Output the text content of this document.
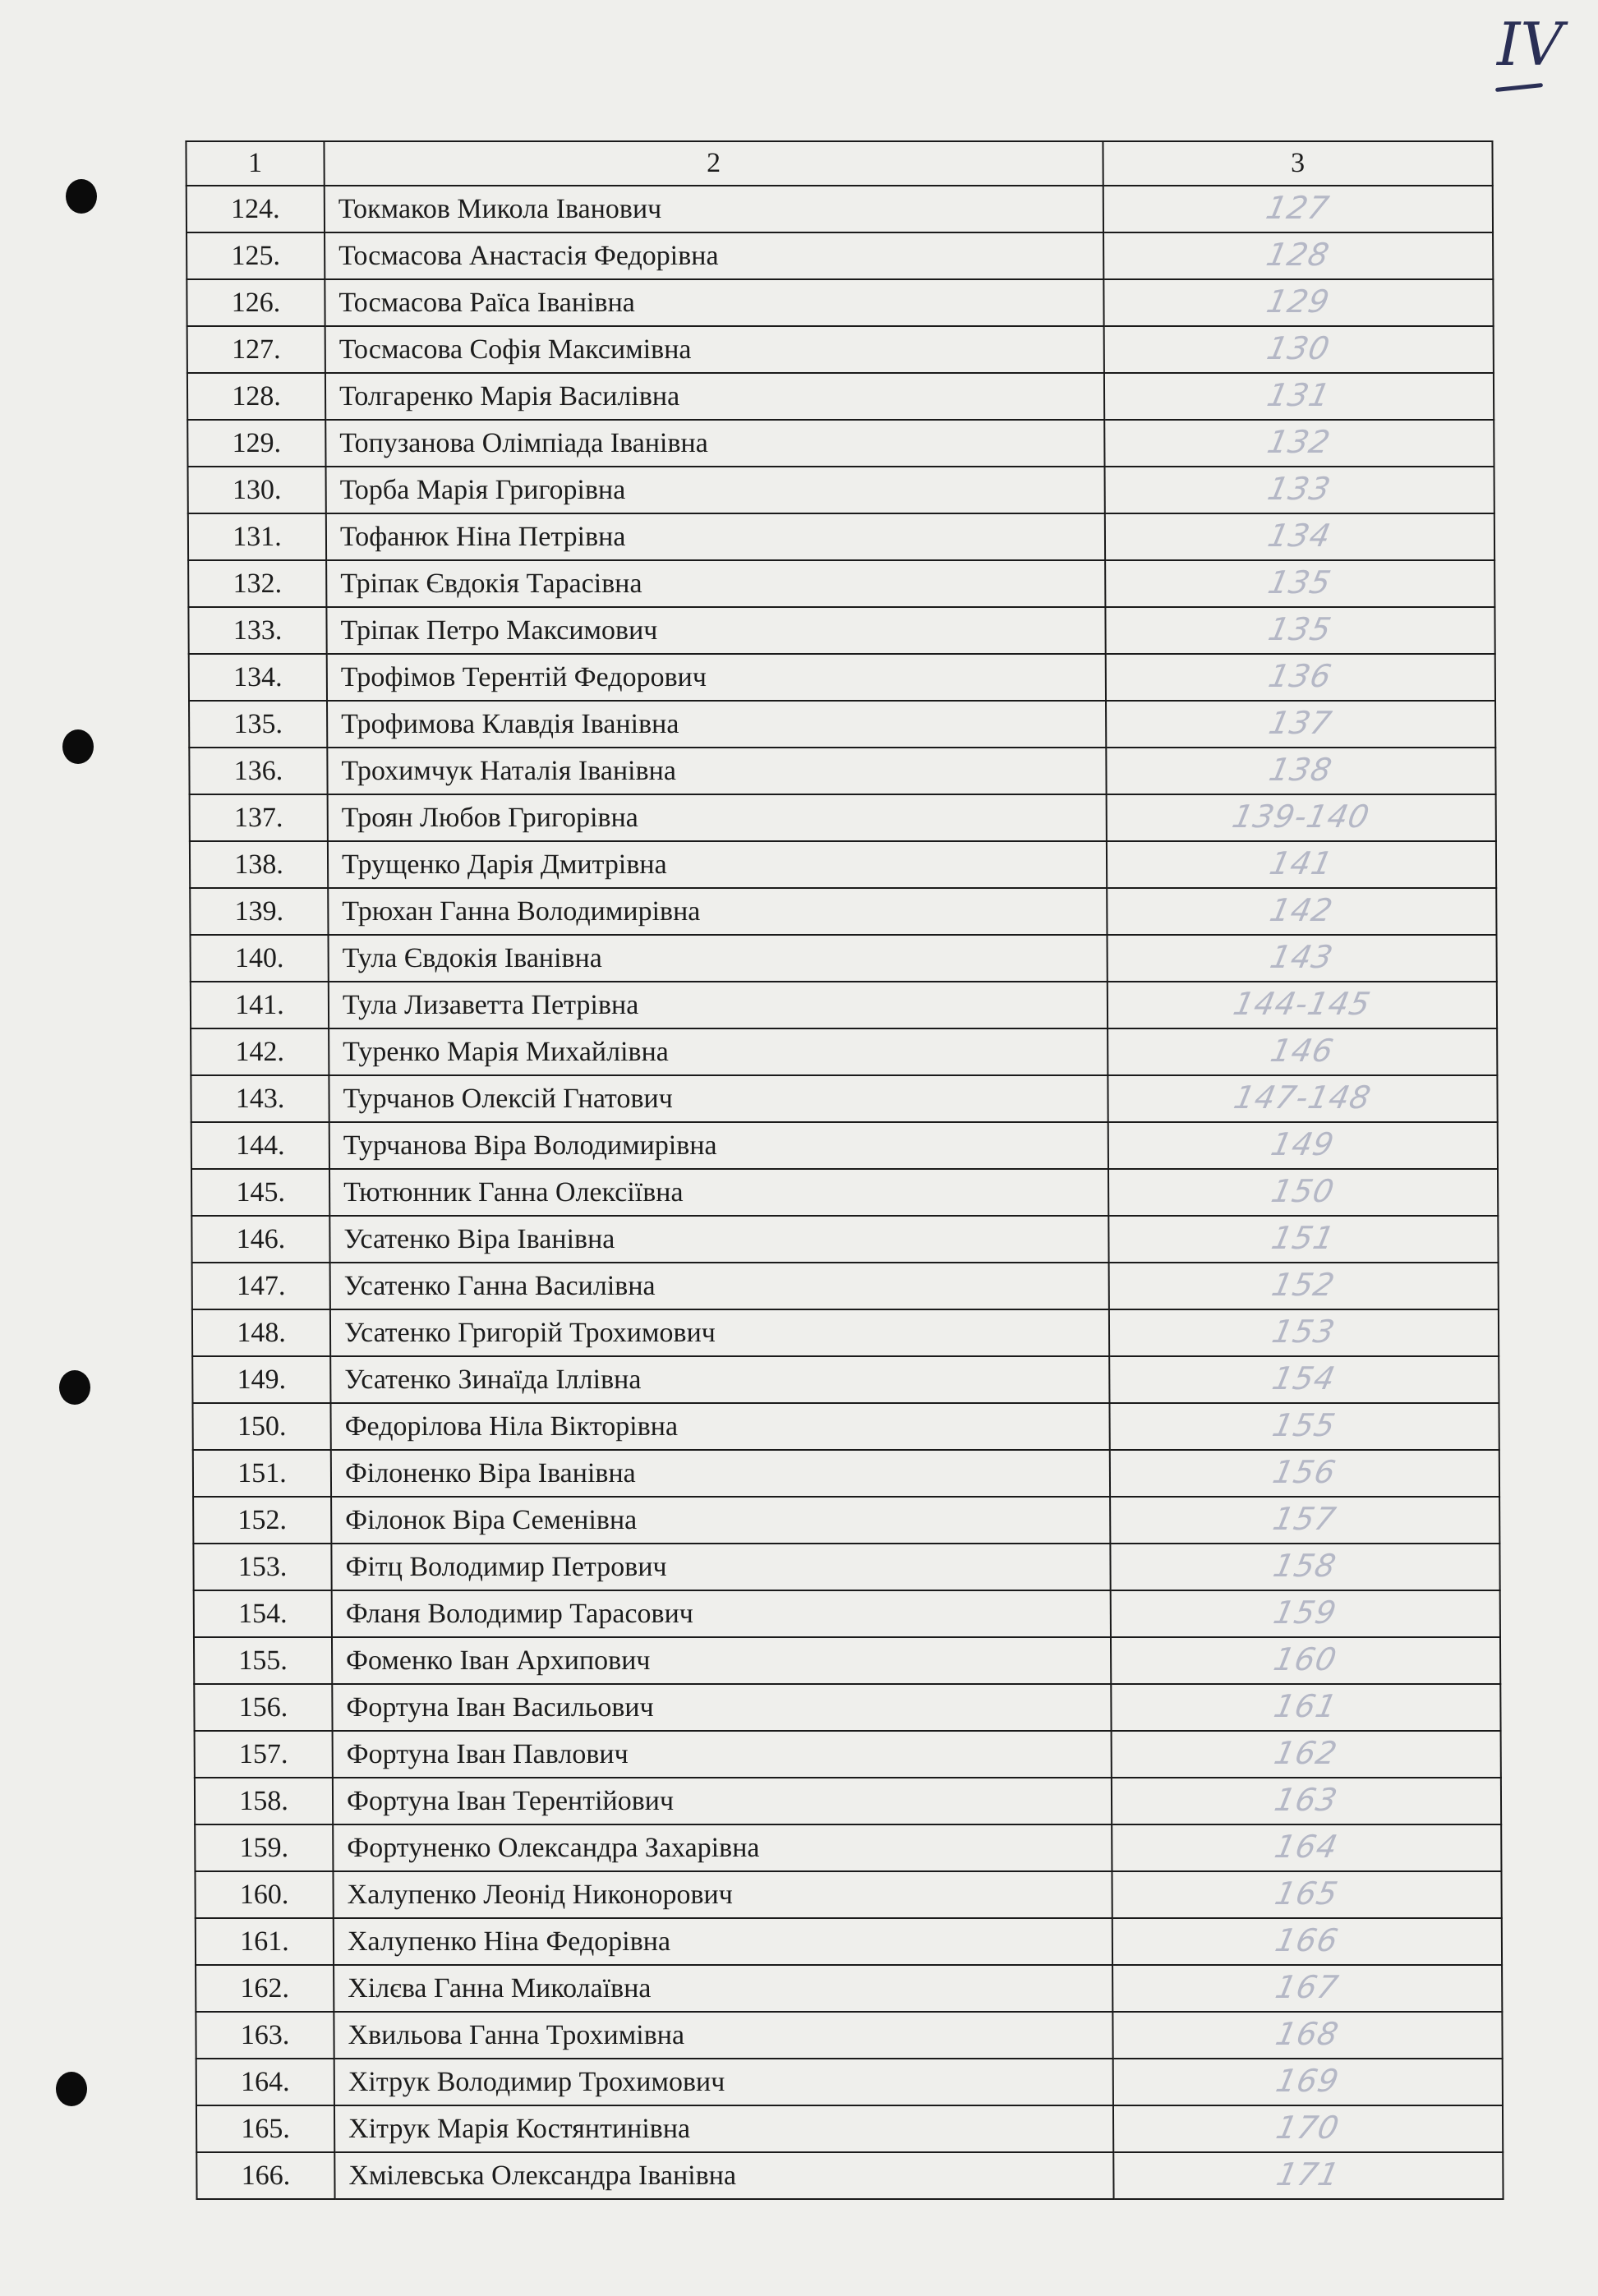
IV
1	2	3
124.	Токмаков Микола Іванович	127
125.	Тосмасова Анастасія Федорівна	128
126.	Тосмасова Раїса Іванівна	129
127.	Тосмасова Софія Максимівна	130
128.	Толгаренко Марія Василівна	131
129.	Топузанова Олімпіада Іванівна	132
130.	Торба Марія Григорівна	133
131.	Тофанюк Ніна Петрівна	134
132.	Тріпак Євдокія Тарасівна	135
133.	Тріпак Петро Максимович	135
134.	Трофімов Терентій Федорович	136
135.	Трофимова Клавдія Іванівна	137
136.	Трохимчук Наталія Іванівна	138
137.	Троян Любов Григорівна	139-140
138.	Трущенко Дарія Дмитрівна	141
139.	Трюхан Ганна Володимирівна	142
140.	Тула Євдокія Іванівна	143
141.	Тула Лизаветта Петрівна	144-145
142.	Туренко Марія Михайлівна	146
143.	Турчанов Олексій Гнатович	147-148
144.	Турчанова Віра Володимирівна	149
145.	Тютюнник Ганна Олексіївна	150
146.	Усатенко Віра Іванівна	151
147.	Усатенко Ганна Василівна	152
148.	Усатенко Григорій Трохимович	153
149.	Усатенко Зинаїда Іллівна	154
150.	Федорілова Ніла Вікторівна	155
151.	Філоненко Віра Іванівна	156
152.	Філонок Віра Семенівна	157
153.	Фітц Володимир Петрович	158
154.	Фланя Володимир Тарасович	159
155.	Фоменко Іван Архипович	160
156.	Фортуна Іван Васильович	161
157.	Фортуна Іван Павлович	162
158.	Фортуна Іван Терентійович	163
159.	Фортуненко Олександра Захарівна	164
160.	Халупенко Леонід Никонорович	165
161.	Халупенко Ніна Федорівна	166
162.	Хілєва Ганна Миколаївна	167
163.	Хвильова Ганна Трохимівна	168
164.	Хітрук Володимир Трохимович	169
165.	Хітрук Марія Костянтинівна	170
166.	Хмілевська Олександра Іванівна	171
